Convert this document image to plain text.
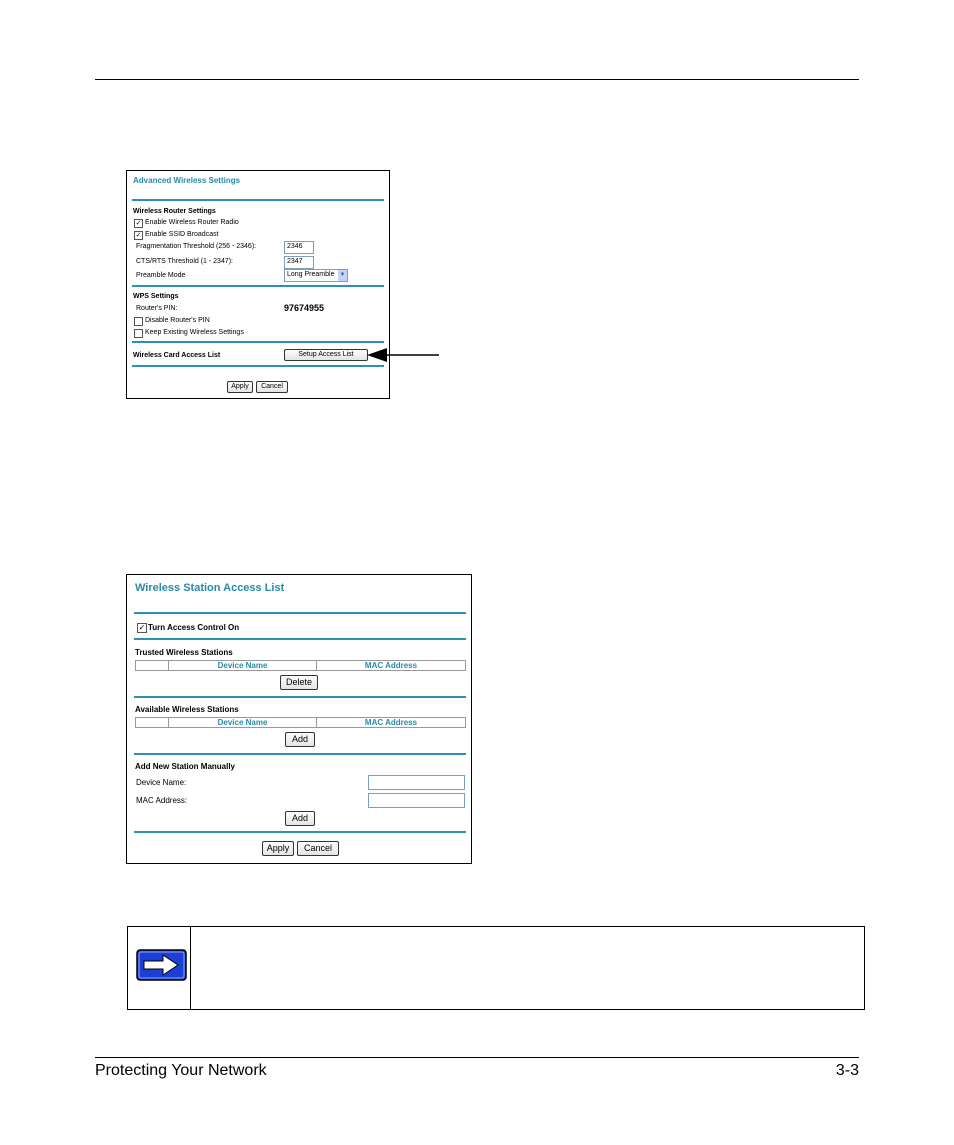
Advanced Wireless Settings
Wireless Router Settings
✓ Enable Wireless Router Radio
✓ Enable SSID Broadcast
Fragmentation Threshold (256 - 2346):	2346
CTS/RTS Threshold (1 - 2347):	2347
Preamble Mode	Long Preamble ▼
WPS Settings
Router's PIN:	97674955
Disable Router's PIN
Keep Existing Wireless Settings
Wireless Card Access List	Setup Access List
Apply	Cancel
Wireless Station Access List
✓ Turn Access Control On
Trusted Wireless Stations
	Device Name	MAC Address
Delete
Available Wireless Stations
	Device Name	MAC Address
Add
Add New Station Manually
Device Name:
MAC Address:
Add
Apply	Cancel
Protecting Your Network	3-3
